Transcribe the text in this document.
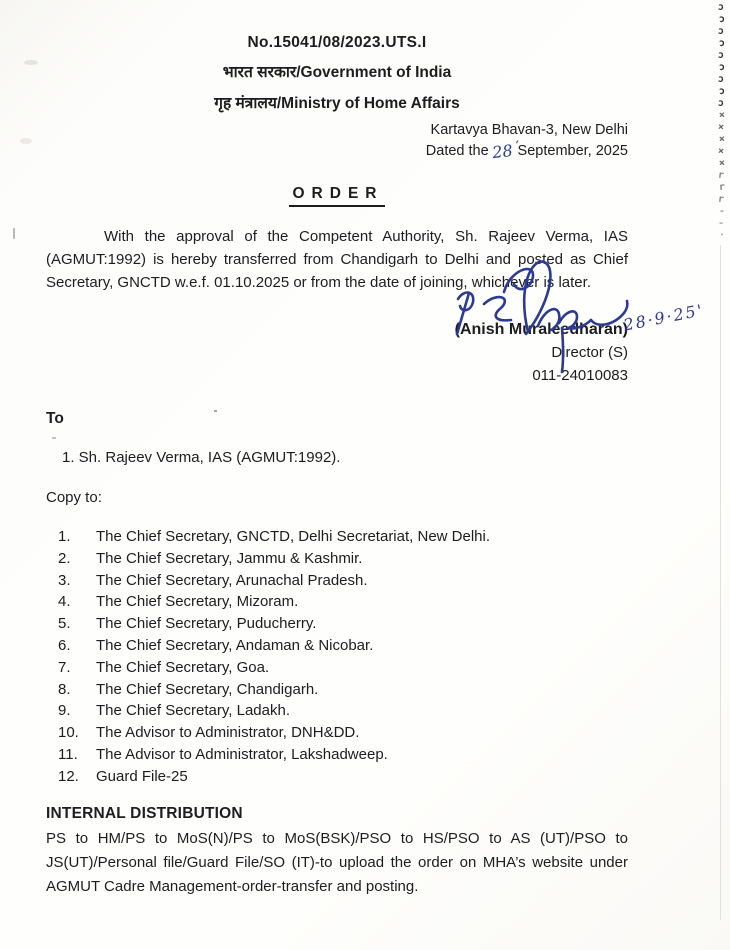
ɔ
ɔ
ɔ
ɔ
ɔ
ɔ
ɔ
ɔ
ɔ
×
×
×
×
×
r
r
r
-
-
·
No.15041/08/2023.UTS.I
भारत सरकार/Government of India
गृह मंत्रालय/Ministry of Home Affairs
Kartavya Bhavan-3, New Delhi
Dated the 28' September, 2025
ORDER

With the approval of the Competent Authority, Sh. Rajeev Verma, IAS (AGMUT:1992) is hereby transferred from Chandigarh to Delhi and posted as Chief Secretary, GNCTD w.e.f. 01.10.2025 or from the date of joining, whichever is later.

28·9·25'
(Anish Muraleedharan)
Director (S)
011-24010083
To
1. Sh. Rajeev Verma, IAS (AGMUT:1992).
Copy to:
1.	The Chief Secretary, GNCTD, Delhi Secretariat, New Delhi.
2.	The Chief Secretary, Jammu & Kashmir.
3.	The Chief Secretary, Arunachal Pradesh.
4.	The Chief Secretary, Mizoram.
5.	The Chief Secretary, Puducherry.
6.	The Chief Secretary, Andaman & Nicobar.
7.	The Chief Secretary, Goa.
8.	The Chief Secretary, Chandigarh.
9.	The Chief Secretary, Ladakh.
10.	The Advisor to Administrator, DNH&DD.
11.	The Advisor to Administrator, Lakshadweep.
12.	Guard File-25
INTERNAL DISTRIBUTION

PS to HM/PS to MoS(N)/PS to MoS(BSK)/PSO to HS/PSO to AS (UT)/PSO to JS(UT)/Personal file/Guard File/SO (IT)-to upload the order on MHA’s website under AGMUT Cadre Management-order-transfer and posting.
